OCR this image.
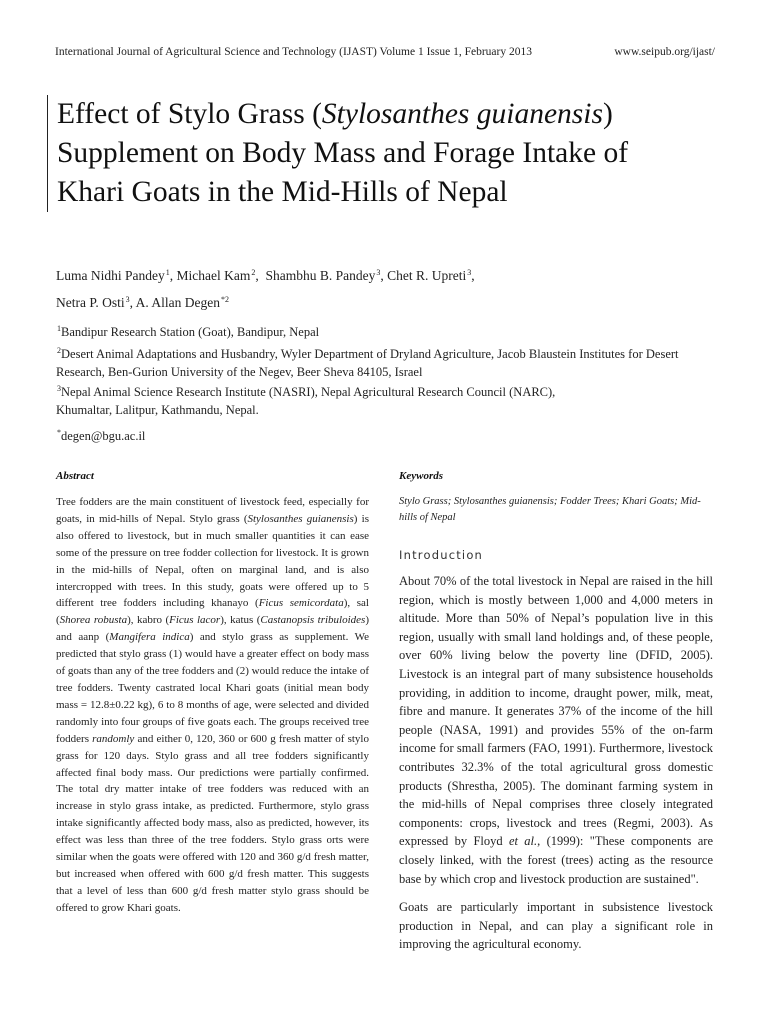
International Journal of Agricultural Science and Technology (IJAST) Volume 1 Issue 1, February 2013	www.seipub.org/ijast/
Effect of Stylo Grass (Stylosanthes guianensis) Supplement on Body Mass and Forage Intake of Khari Goats in the Mid-Hills of Nepal
Luma Nidhi Pandey$^1$, Michael Kam$^2$,  Shambhu B. Pandey$^3$, Chet R. Upreti$^3$,
Netra P. Osti$^3$, A. Allan Degen$^{*2}$
$^1$Bandipur Research Station (Goat), Bandipur, Nepal
$^2$Desert Animal Adaptations and Husbandry, Wyler Department of Dryland Agriculture, Jacob Blaustein Institutes for Desert Research, Ben-Gurion University of the Negev, Beer Sheva 84105, Israel
$^3$Nepal Animal Science Research Institute (NASRI), Nepal Agricultural Research Council (NARC),
Khumaltar, Lalitpur, Kathmandu, Nepal.
*degen@bgu.ac.il
Abstract

Tree fodders are the main constituent of livestock feed, especially for goats, in mid-hills of Nepal. Stylo grass (Stylosanthes guianensis) is also offered to livestock, but in much smaller quantities it can ease some of the pressure on tree fodder collection for livestock. It is grown in the mid-hills of Nepal, often on marginal land, and is also intercropped with trees. In this study, goats were offered up to 5 different tree fodders including khanayo (Ficus semicordata), sal (Shorea robusta), kabro (Ficus lacor), katus (Castanopsis tribuloides) and aanp (Mangifera indica) and stylo grass as supplement. We predicted that stylo grass (1) would have a greater effect on body mass of goats than any of the tree fodders and (2) would reduce the intake of tree fodders. Twenty castrated local Khari goats (initial mean body mass = 12.8±0.22 kg), 6 to 8 months of age, were selected and divided randomly into four groups of five goats each. The groups received tree fodders randomly and either 0, 120, 360 or 600 g fresh matter of stylo grass for 120 days. Stylo grass and all tree fodders significantly affected final body mass. Our predictions were partially confirmed. The total dry matter intake of tree fodders was reduced with an increase in stylo grass intake, as predicted. Furthermore, stylo grass intake significantly affected body mass, also as predicted, however, its effect was less than three of the tree fodders. Stylo grass orts were similar when the goats were offered with 120 and 360 g/d fresh matter, but increased when offered with 600 g/d fresh matter. This suggests that a level of less than 600 g/d fresh matter stylo grass should be offered to grow Khari goats.

Keywords

Stylo Grass; Stylosanthes guianensis; Fodder Trees; Khari Goats; Mid-hills of Nepal

Introduction

About 70% of the total livestock in Nepal are raised in the hill region, which is mostly between 1,000 and 4,000 meters in altitude. More than 50% of Nepal’s population live in this region, usually with small land holdings and, of these people, over 60% living below the poverty line (DFID, 2005). Livestock is an integral part of many subsistence households providing, in addition to income, draught power, milk, meat, fibre and manure. It generates 37% of the income of the hill people (NASA, 1991) and provides 55% of the on-farm income for small farmers (FAO, 1991). Furthermore, livestock contributes 32.3% of the total agricultural gross domestic products (Shrestha, 2005). The dominant farming system in the mid-hills of Nepal comprises three closely integrated components: crops, livestock and trees (Regmi, 2003). As expressed by Floyd et al., (1999): "These components are closely linked, with the forest (trees) acting as the resource base by which crop and livestock production are sustained".

Goats are particularly important in subsistence livestock production in Nepal, and can play a significant role in improving the agricultural economy.
